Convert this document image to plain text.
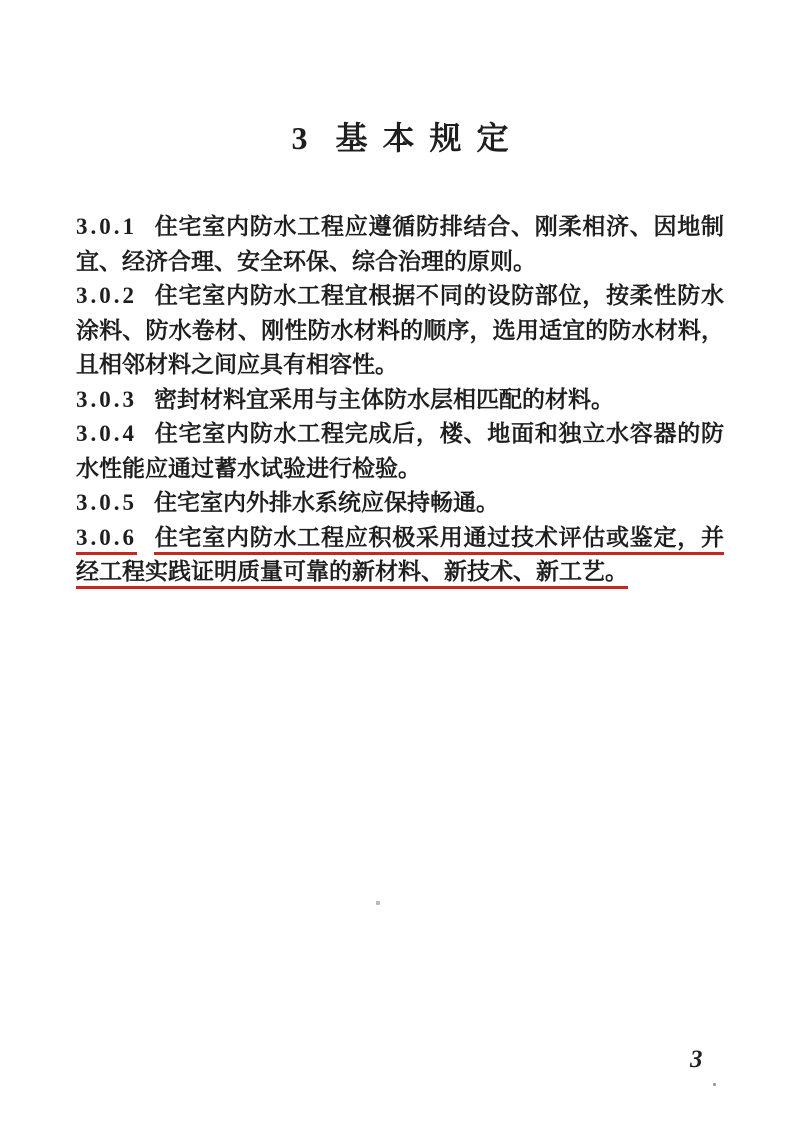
3 基本规定

3.0.1 住宅室内防水工程应遵循防排结合、刚柔相济、因地制宜、经济合理、安全环保、综合治理的原则。

3.0.2 住宅室内防水工程宜根据不同的设防部位，按柔性防水涂料、防水卷材、刚性防水材料的顺序，选用适宜的防水材料，且相邻材料之间应具有相容性。

3.0.3 密封材料宜采用与主体防水层相匹配的材料。

3.0.4 住宅室内防水工程完成后，楼、地面和独立水容器的防水性能应通过蓄水试验进行检验。

3.0.5 住宅室内外排水系统应保持畅通。

3.0.6 住宅室内防水工程应积极采用通过技术评估或鉴定，并经工程实践证明质量可靠的新材料、新技术、新工艺。

3
